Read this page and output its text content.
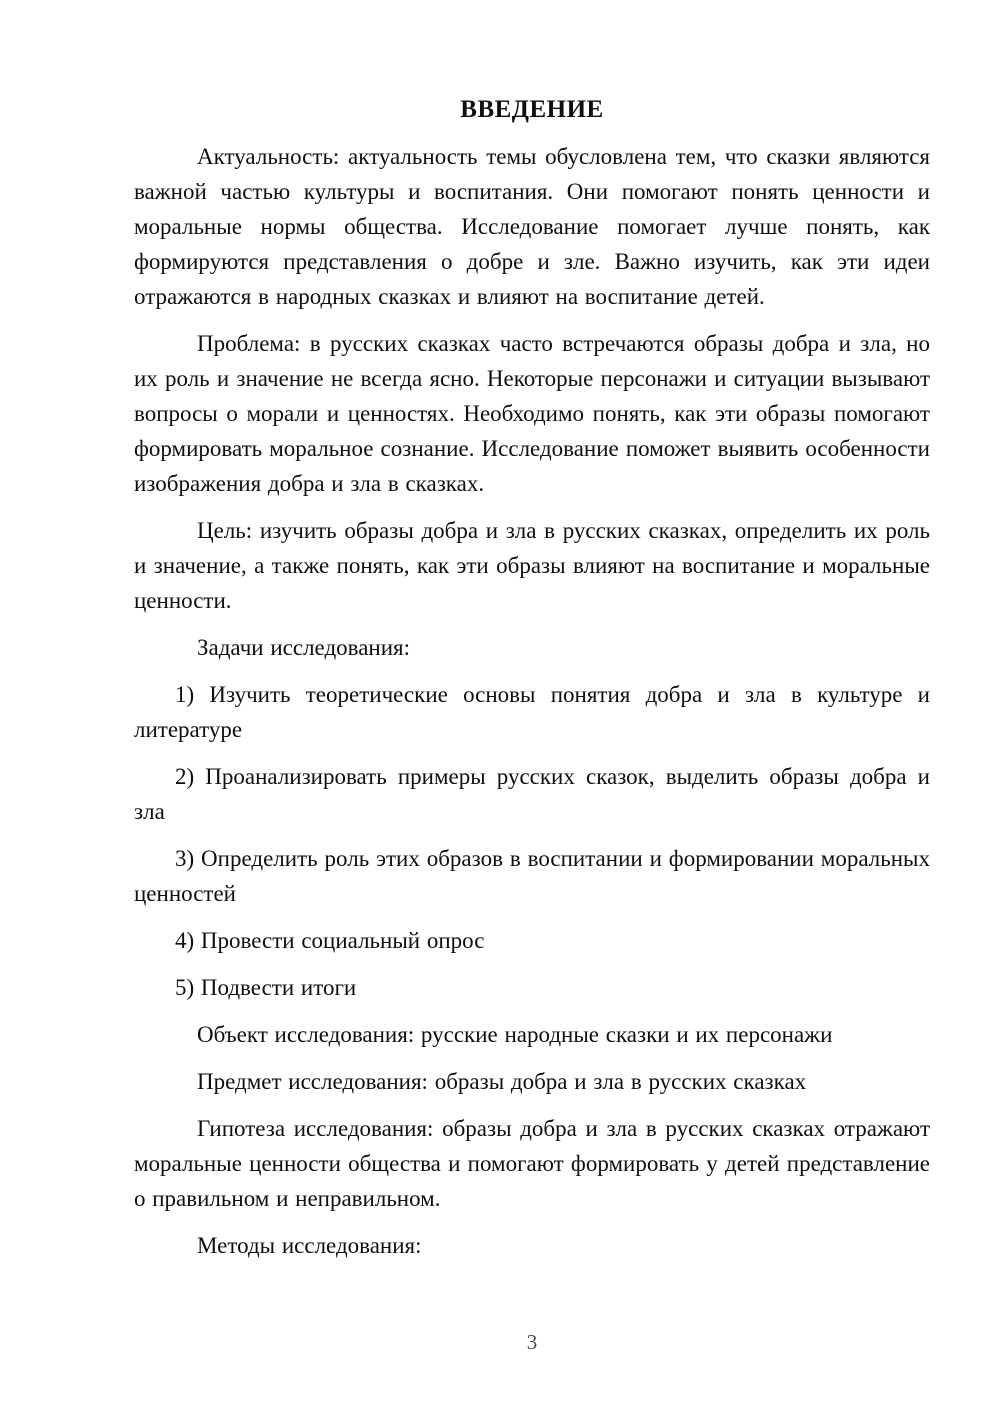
ВВЕДЕНИЕ

Актуальность: актуальность темы обусловлена тем, что сказки являются важной частью культуры и воспитания. Они помогают понять ценности и моральные нормы общества. Исследование помогает лучше понять, как формируются представления о добре и зле. Важно изучить, как эти идеи отражаются в народных сказках и влияют на воспитание детей.

Проблема: в русских сказках часто встречаются образы добра и зла, но их роль и значение не всегда ясно. Некоторые персонажи и ситуации вызывают вопросы о морали и ценностях. Необходимо понять, как эти образы помогают формировать моральное сознание. Исследование поможет выявить особенности изображения добра и зла в сказках.

Цель: изучить образы добра и зла в русских сказках, определить их роль и значение, а также понять, как эти образы влияют на воспитание и моральные ценности.

Задачи исследования:

1) Изучить теоретические основы понятия добра и зла в культуре и литературе

2) Проанализировать примеры русских сказок, выделить образы добра и зла

3) Определить роль этих образов в воспитании и формировании моральных ценностей

4) Провести социальный опрос

5) Подвести итоги

Объект исследования: русские народные сказки и их персонажи

Предмет исследования: образы добра и зла в русских сказках

Гипотеза исследования: образы добра и зла в русских сказках отражают моральные ценности общества и помогают формировать у детей представление о правильном и неправильном.

Методы исследования:

3
